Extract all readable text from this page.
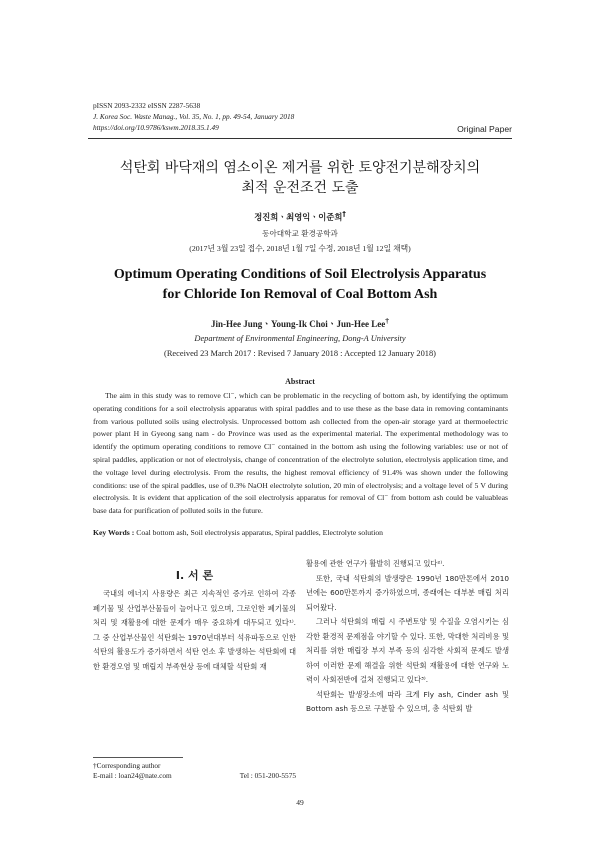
pISSN 2093-2332 eISSN 2287-5638
J. Korea Soc. Waste Manag., Vol. 35, No. 1, pp. 49-54, January 2018
https://doi.org/10.9786/kswm.2018.35.1.49	Original Paper
석탄회 바닥재의 염소이온 제거를 위한 토양전기분해장치의
최적 운전조건 도출
정진희ㆍ최영익ㆍ이준희†
동아대학교 환경공학과
(2017년 3월 23일 접수, 2018년 1월 7일 수정, 2018년 1월 12일 채택)
Optimum Operating Conditions of Soil Electrolysis Apparatus
for Chloride Ion Removal of Coal Bottom Ash
Jin-Hee JungㆍYoung-Ik ChoiㆍJun-Hee Lee†
Department of Environmental Engineering, Dong-A University
(Received 23 March 2017 : Revised 7 January 2018 : Accepted 12 January 2018)
Abstract

The aim in this study was to remove Cl⁻, which can be problematic in the recycling of bottom ash, by identifying the optimum operating conditions for a soil electrolysis apparatus with spiral paddles and to use these as the base data in removing contaminants from various polluted soils using electrolysis. Unprocessed bottom ash collected from the open-air storage yard at thermoelectric power plant H in Gyeong sang nam - do Province was used as the experimental material. The experimental methodology was to identify the optimum operating conditions to remove Cl⁻ contained in the bottom ash using the following variables: use or not of spiral paddles, application or not of electrolysis, change of concentration of the electrolyte solution, electrolysis application time, and the voltage level during electrolysis. From the results, the highest removal efficiency of 91.4% was shown under the following conditions: use of the spiral paddles, use of 0.3% NaOH electrolyte solution, 20 min of electrolysis; and a voltage level of 5 V during electrolysis. It is evident that application of the soil electrolysis apparatus for removal of Cl⁻ from bottom ash could be valuableas base data for purification of polluted soils in the future.

Key Words : Coal bottom ash, Soil electrolysis apparatus, Spiral paddles, Electrolyte solution
I. 서 론

국내의 에너지 사용량은 최근 지속적인 증가로 인하여 각종 폐기물 및 산업부산물들이 늘어나고 있으며, 그로인한 폐기물의 처리 및 재활용에 대한 문제가 매우 중요하게 대두되고 있다¹⁾. 그 중 산업부산물인 석탄회는 1970년대부터 석유파동으로 인한 석탄의 활용도가 증가하면서 석탄 연소 후 발생하는 석탄회에 대한 환경오염 및 매립지 부족현상 등에 대체할 석탄회 재

활용에 관한 연구가 활발히 진행되고 있다²⁾.

또한, 국내 석탄회의 발생량은 1990년 180만톤에서 2010년에는 600만톤까지 증가하였으며, 종래에는 대부분 매립 처리되어왔다.

그러나 석탄회의 매립 시 주변토양 및 수질을 오염시키는 심각한 환경적 문제점을 야기할 수 있다. 또한, 막대한 처리비용 및 처리를 위한 매립장 부지 부족 등의 심각한 사회적 문제도 발생하여 이러한 문제 해결을 위한 석탄회 재활용에 대한 연구와 노력이 사회전반에 걸쳐 진행되고 있다³⁾.

석탄회는 발생장소에 따라 크게 Fly ash, Cinder ash 및 Bottom ash 등으로 구분할 수 있으며, 총 석탄회 발

†Corresponding author
E-mail : loan24@nate.com	Tel : 051-200-5575
49
